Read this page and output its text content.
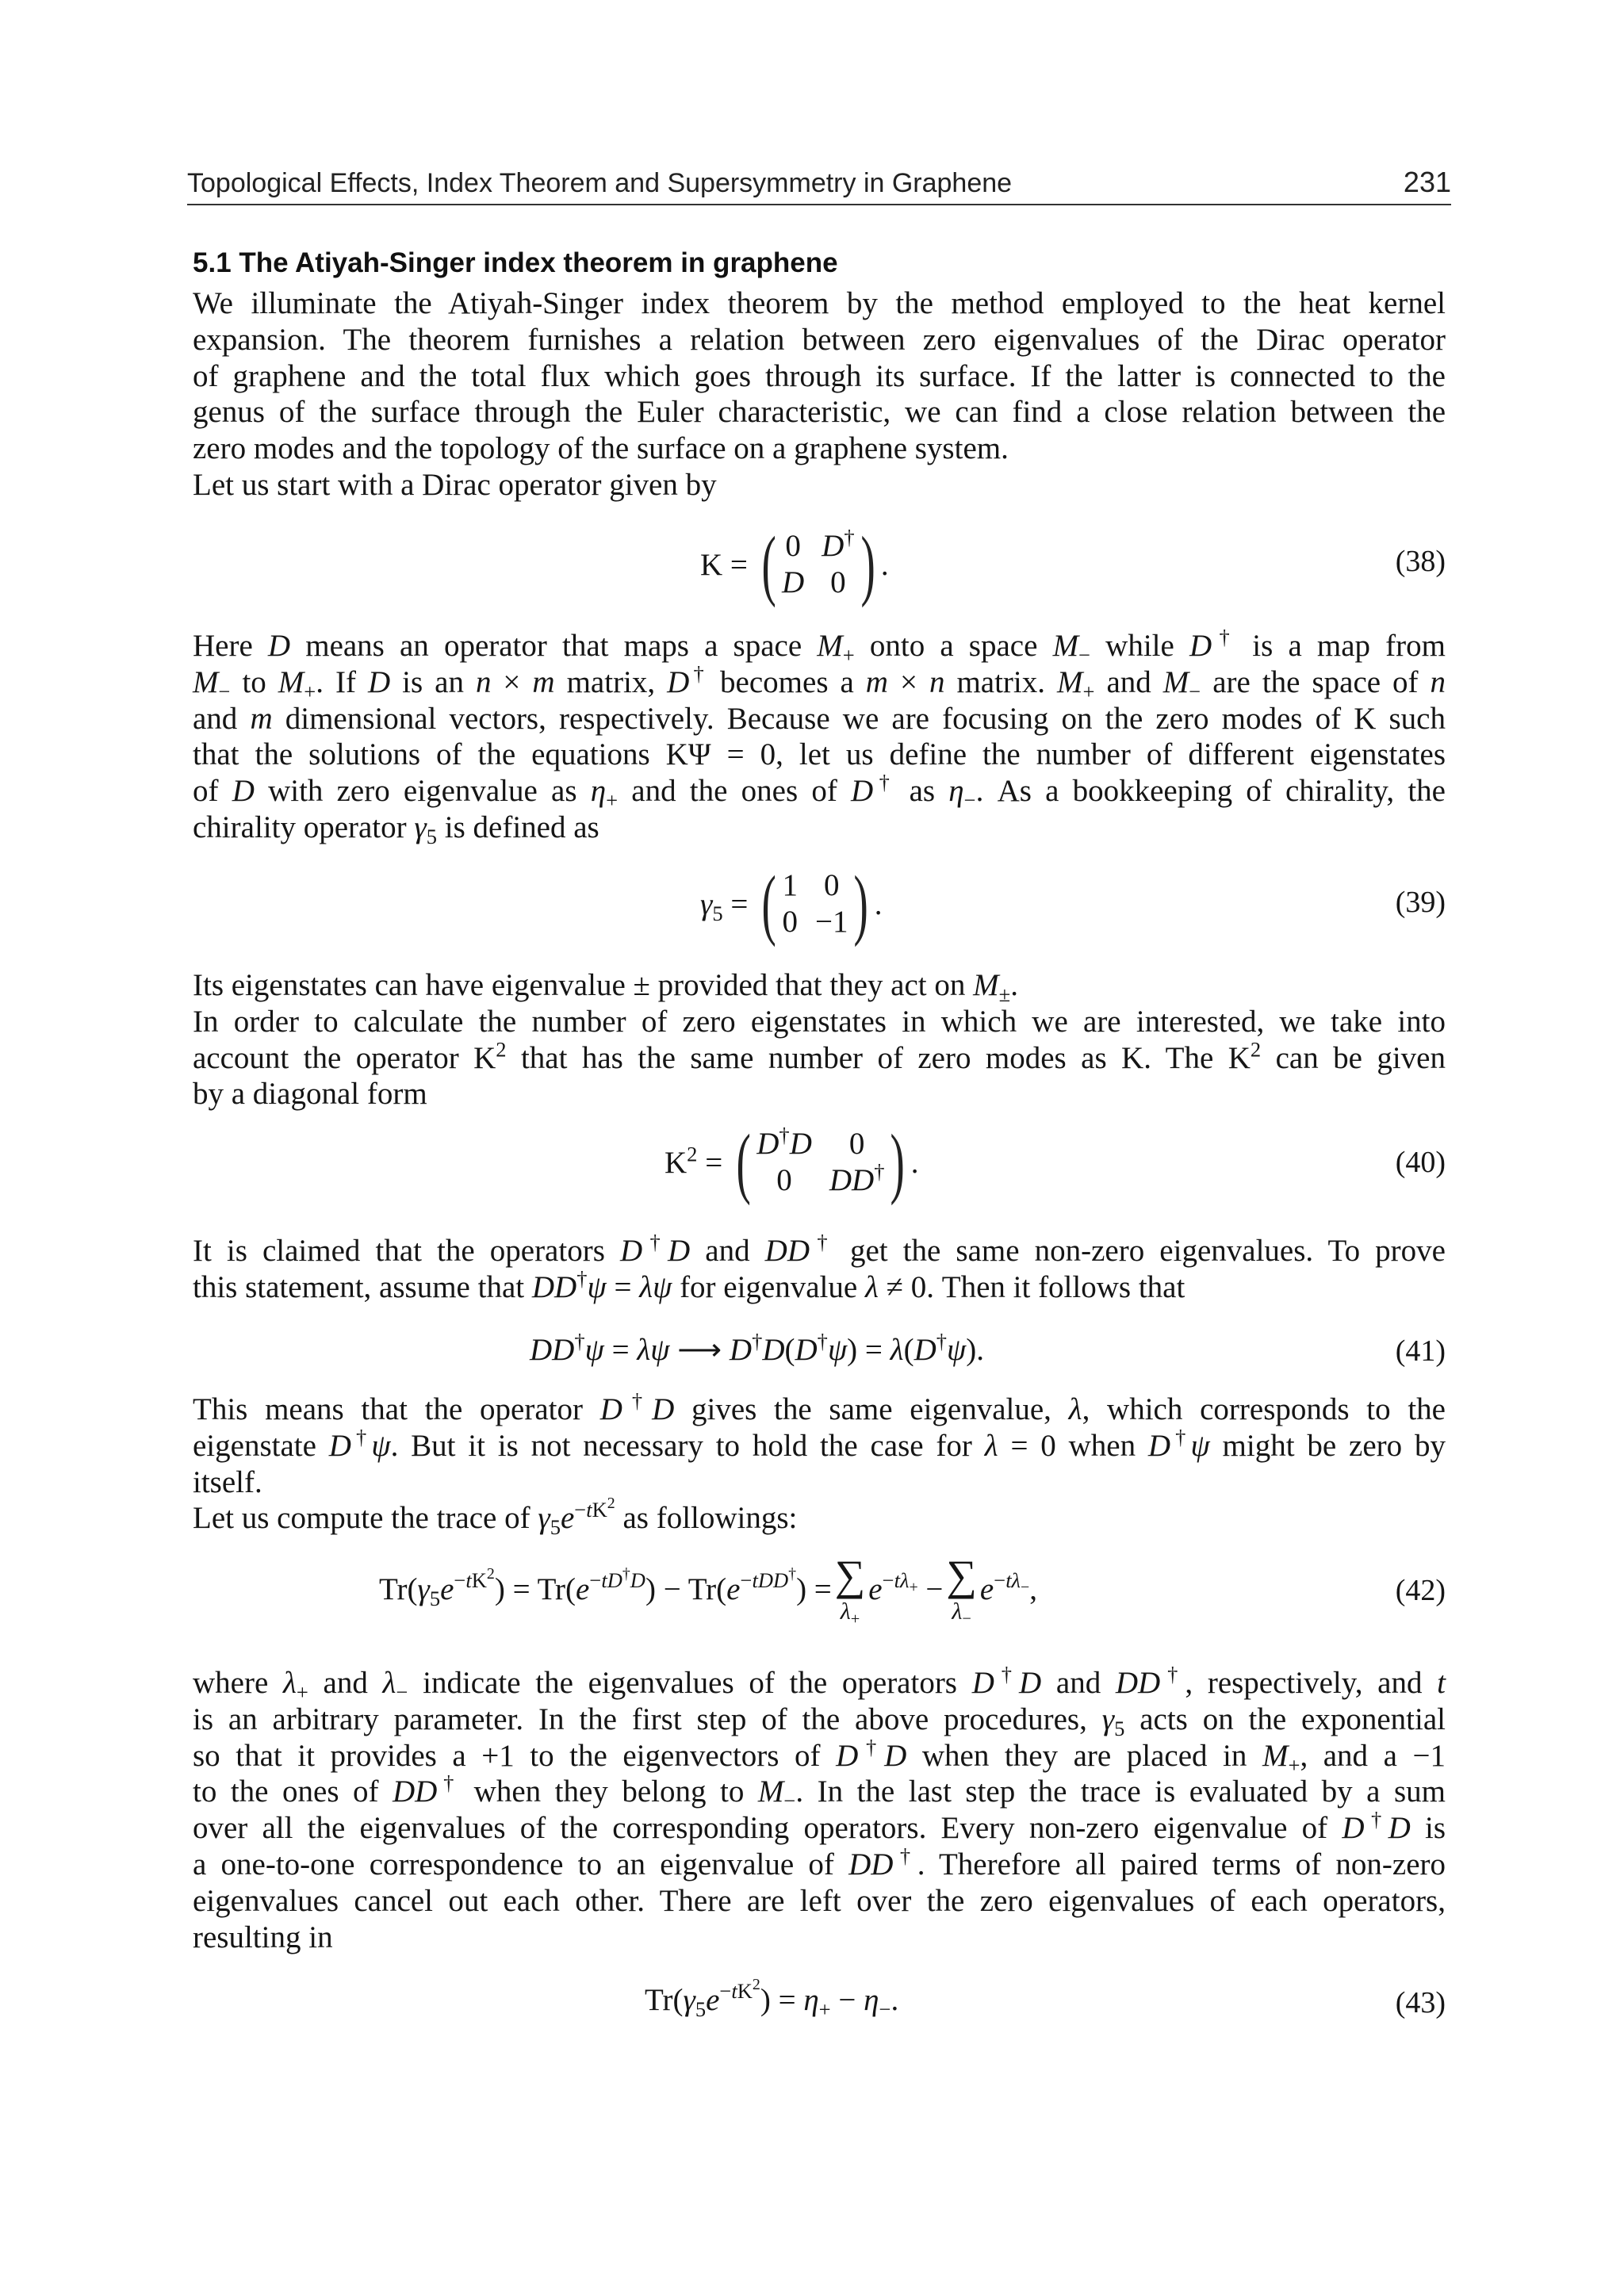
Topological Effects, Index Theorem and Supersymmetry in Graphene	231
5.1 The Atiyah-Singer index theorem in graphene
We illuminate the Atiyah-Singer index theorem by the method employed to the heat kernel
expansion. The theorem furnishes a relation between zero eigenvalues of the Dirac operator
of graphene and the total flux which goes through its surface. If the latter is connected to the
genus of the surface through the Euler characteristic, we can find a close relation between the
zero modes and the topology of the surface on a graphene system.
Let us start with a Dirac operator given by
K = ( 0 D†
D 0 ) .	(38)
Here D means an operator that maps a space $M_+$ onto a space $M_-$ while D† is a map from
$M_-$ to $M_+$. If D is an n × m matrix, D† becomes a m × n matrix. $M_+$ and $M_-$ are the space of n
and m dimensional vectors, respectively. Because we are focusing on the zero modes of K such
that the solutions of the equations KΨ = 0, let us define the number of different eigenstates
of D with zero eigenvalue as $\eta_+$ and the ones of D† as $\eta_-$. As a bookkeeping of chirality, the
chirality operator $\gamma_5$ is defined as
$\gamma_5$ = ( 1 0
0 −1 ) .	(39)
Its eigenstates can have eigenvalue ± provided that they act on $M_\pm$.
In order to calculate the number of zero eigenstates in which we are interested, we take into
account the operator $K^2$ that has the same number of zero modes as K. The $K^2$ can be given
by a diagonal form
$K^2$ = ( D†D	0
0	DD† ) .	(40)
It is claimed that the operators D†D and DD† get the same non-zero eigenvalues. To prove
this statement, assume that DD†ψ = λψ for eigenvalue λ ≠ 0. Then it follows that
DD†ψ = λψ ⟶ D†D(D†ψ) = λ(D†ψ).	(41)
This means that the operator D†D gives the same eigenvalue, λ, which corresponds to the
eigenstate D†ψ. But it is not necessary to hold the case for λ = 0 when D†ψ might be zero by
itself.
Let us compute the trace of $\gamma_5e^{-tK^2}$ as followings:
$Tr(\gamma_5e^{-tK^2}) = Tr(e^{-tD^\dagger D}) - Tr(e^{-tDD^\dagger})$ = ∑
$\lambda_+$
$e^{-t\lambda_+}$ − ∑
$\lambda_-$
$e^{-t\lambda_-}$,	(42)
where $\lambda_+$ and $\lambda_-$ indicate the eigenvalues of the operators D†D and DD†, respectively, and t
is an arbitrary parameter. In the first step of the above procedures, $\gamma_5$ acts on the exponential
so that it provides a +1 to the eigenvectors of D†D when they are placed in $M_+$, and a −1
to the ones of DD† when they belong to $M_-$. In the last step the trace is evaluated by a sum
over all the eigenvalues of the corresponding operators. Every non-zero eigenvalue of D†D is
a one-to-one correspondence to an eigenvalue of DD†. Therefore all paired terms of non-zero
eigenvalues cancel out each other. There are left over the zero eigenvalues of each operators,
resulting in
$Tr(\gamma_5e^{-tK^2}) = \eta_+ - \eta_-$.	(43)
